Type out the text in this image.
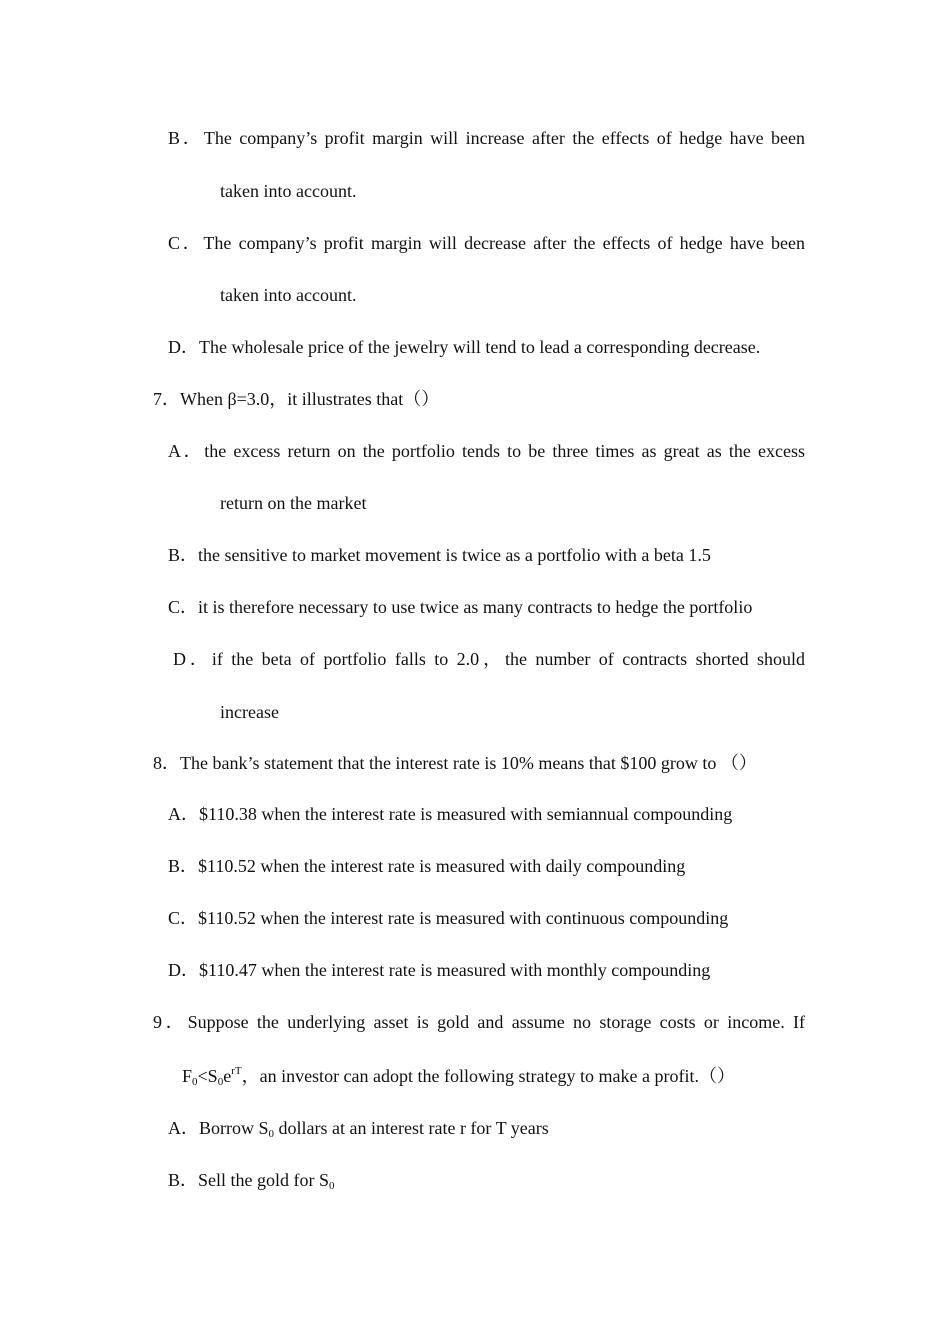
B．The company’s profit margin will increase after the effects of hedge have been
taken into account.
C．The company’s profit margin will decrease after the effects of hedge have been
taken into account.
D．The wholesale price of the jewelry will tend to lead a corresponding decrease.
7．When β=3.0，it illustrates that（）
A．the excess return on the portfolio tends to be three times as great as the excess
return on the market
B．the sensitive to market movement is twice as a portfolio with a beta 1.5
C．it is therefore necessary to use twice as many contracts to hedge the portfolio
D．if the beta of portfolio falls to 2.0，the number of contracts shorted should
increase
8．The bank’s statement that the interest rate is 10% means that $100 grow to （）
A．$110.38 when the interest rate is measured with semiannual compounding
B．$110.52 when the interest rate is measured with daily compounding
C．$110.52 when the interest rate is measured with continuous compounding
D．$110.47 when the interest rate is measured with monthly compounding
9．Suppose the underlying asset is gold and assume no storage costs or income. If
$F_0<S_0e^{rT}$，an investor can adopt the following strategy to make a profit.（）
A．Borrow $S_0$ dollars at an interest rate r for T years
B．Sell the gold for $S_0$
